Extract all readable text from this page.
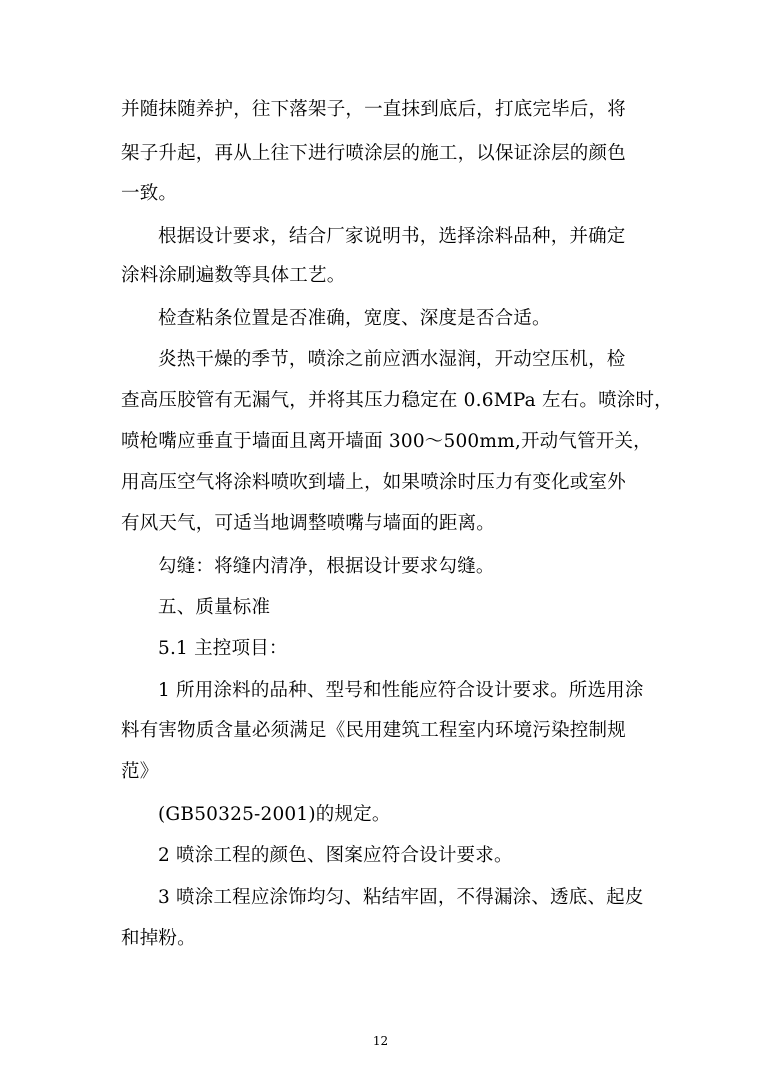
并随抹随养护，往下落架子，一直抹到底后，打底完毕后，将
架子升起，再从上往下进行喷涂层的施工，以保证涂层的颜色
一致。
根据设计要求，结合厂家说明书，选择涂料品种，并确定
涂料涂刷遍数等具体工艺。
检查粘条位置是否准确，宽度、深度是否合适。
炎热干燥的季节，喷涂之前应洒水湿润，开动空压机，检
查高压胶管有无漏气，并将其压力稳定在 0.6MPa 左右。喷涂时，
喷枪嘴应垂直于墙面且离开墙面 300～500mm,开动气管开关，
用高压空气将涂料喷吹到墙上，如果喷涂时压力有变化或室外
有风天气，可适当地调整喷嘴与墙面的距离。
勾缝：将缝内清净，根据设计要求勾缝。
五、质量标准
5.1 主控项目：
1 所用涂料的品种、型号和性能应符合设计要求。所选用涂
料有害物质含量必须满足《民用建筑工程室内环境污染控制规
范》
(GB50325-2001)的规定。
2 喷涂工程的颜色、图案应符合设计要求。
3 喷涂工程应涂饰均匀、粘结牢固，不得漏涂、透底、起皮
和掉粉。
12
